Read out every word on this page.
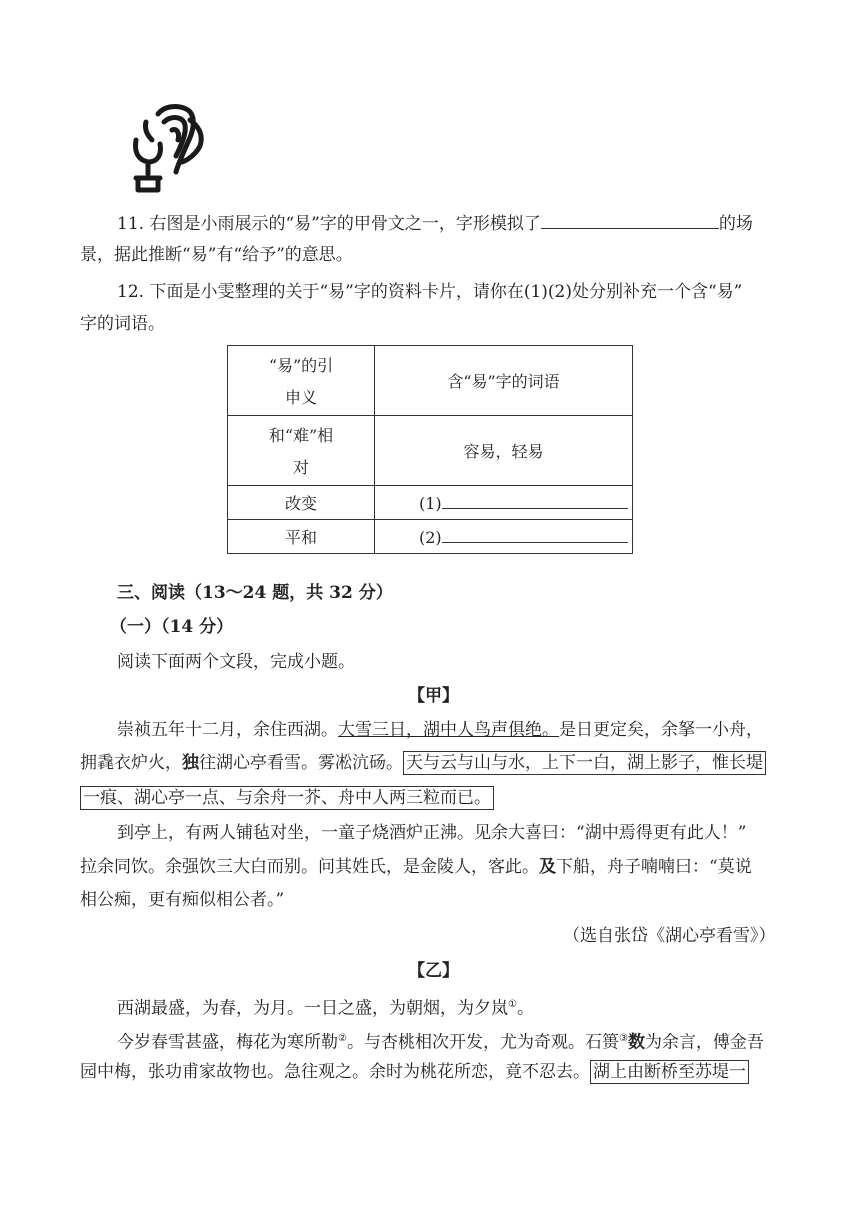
11. 右图是小雨展示的“易”字的甲骨文之一，字形模拟了	的场
景，据此推断“易”有“给予”的意思。
12. 下面是小雯整理的关于“易”字的资料卡片，请你在(1)(2)处分别补充一个含“易”
字的词语。
“易”的引
申义	含“易”字的词语

和“难”相
对	容易，轻易
改变	(1)
平和	(2)
三、阅读（13～24 题，共 32 分）
（一）（14 分）
阅读下面两个文段，完成小题。
【甲】
崇祯五年十二月，余住西湖。大雪三日，湖中人鸟声俱绝。是日更定矣，余拏一小舟，
拥毳衣炉火，独往湖心亭看雪。雾凇沆砀。 天与云与山与水，上下一白，湖上影子，惟长堤
一痕、湖心亭一点、与余舟一芥、舟中人两三粒而已。
到亭上，有两人铺毡对坐，一童子烧酒炉正沸。见余大喜曰：“湖中焉得更有此人！”
拉余同饮。余强饮三大白而别。问其姓氏，是金陵人，客此。及下船，舟子喃喃曰：“莫说
相公痴，更有痴似相公者。”
（选自张岱《湖心亭看雪》）
【乙】
西湖最盛，为春，为月。一日之盛，为朝烟，为夕岚①。
今岁春雪甚盛，梅花为寒所勒②。与杏桃相次开发，尤为奇观。石篑③数为余言，傅金吾
园中梅，张功甫家故物也。急往观之。余时为桃花所恋，竟不忍去。 湖上由断桥至苏堤一
